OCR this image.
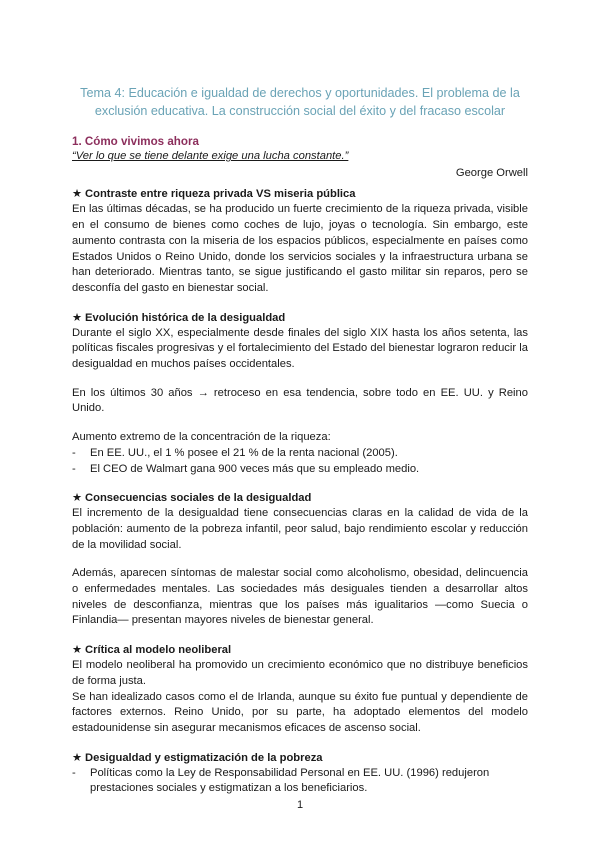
Tema 4: Educación e igualdad de derechos y oportunidades. El problema de la exclusión educativa. La construcción social del éxito y del fracaso escolar
1. Cómo vivimos ahora

“Ver lo que se tiene delante exige una lucha constante.”

George Orwell
★ Contraste entre riqueza privada VS miseria pública

En las últimas décadas, se ha producido un fuerte crecimiento de la riqueza privada, visible en el consumo de bienes como coches de lujo, joyas o tecnología. Sin embargo, este aumento contrasta con la miseria de los espacios públicos, especialmente en países como Estados Unidos o Reino Unido, donde los servicios sociales y la infraestructura urbana se han deteriorado. Mientras tanto, se sigue justificando el gasto militar sin reparos, pero se desconfía del gasto en bienestar social.

★ Evolución histórica de la desigualdad

Durante el siglo XX, especialmente desde finales del siglo XIX hasta los años setenta, las políticas fiscales progresivas y el fortalecimiento del Estado del bienestar lograron reducir la desigualdad en muchos países occidentales.

En los últimos 30 años → retroceso en esa tendencia, sobre todo en EE. UU. y Reino Unido.

Aumento extremo de la concentración de la riqueza:

- En EE. UU., el 1 % posee el 21 % de la renta nacional (2005).
- El CEO de Walmart gana 900 veces más que su empleado medio.
★ Consecuencias sociales de la desigualdad

El incremento de la desigualdad tiene consecuencias claras en la calidad de vida de la población: aumento de la pobreza infantil, peor salud, bajo rendimiento escolar y reducción de la movilidad social.

Además, aparecen síntomas de malestar social como alcoholismo, obesidad, delincuencia o enfermedades mentales. Las sociedades más desiguales tienden a desarrollar altos niveles de desconfianza, mientras que los países más igualitarios —como Suecia o Finlandia— presentan mayores niveles de bienestar general.

★ Crítica al modelo neoliberal

El modelo neoliberal ha promovido un crecimiento económico que no distribuye beneficios de forma justa.

Se han idealizado casos como el de Irlanda, aunque su éxito fue puntual y dependiente de factores externos. Reino Unido, por su parte, ha adoptado elementos del modelo estadounidense sin asegurar mecanismos eficaces de ascenso social.

★ Desigualdad y estigmatización de la pobreza
- Políticas como la Ley de Responsabilidad Personal en EE. UU. (1996) redujeron prestaciones sociales y estigmatizan a los beneficiarios.
1
